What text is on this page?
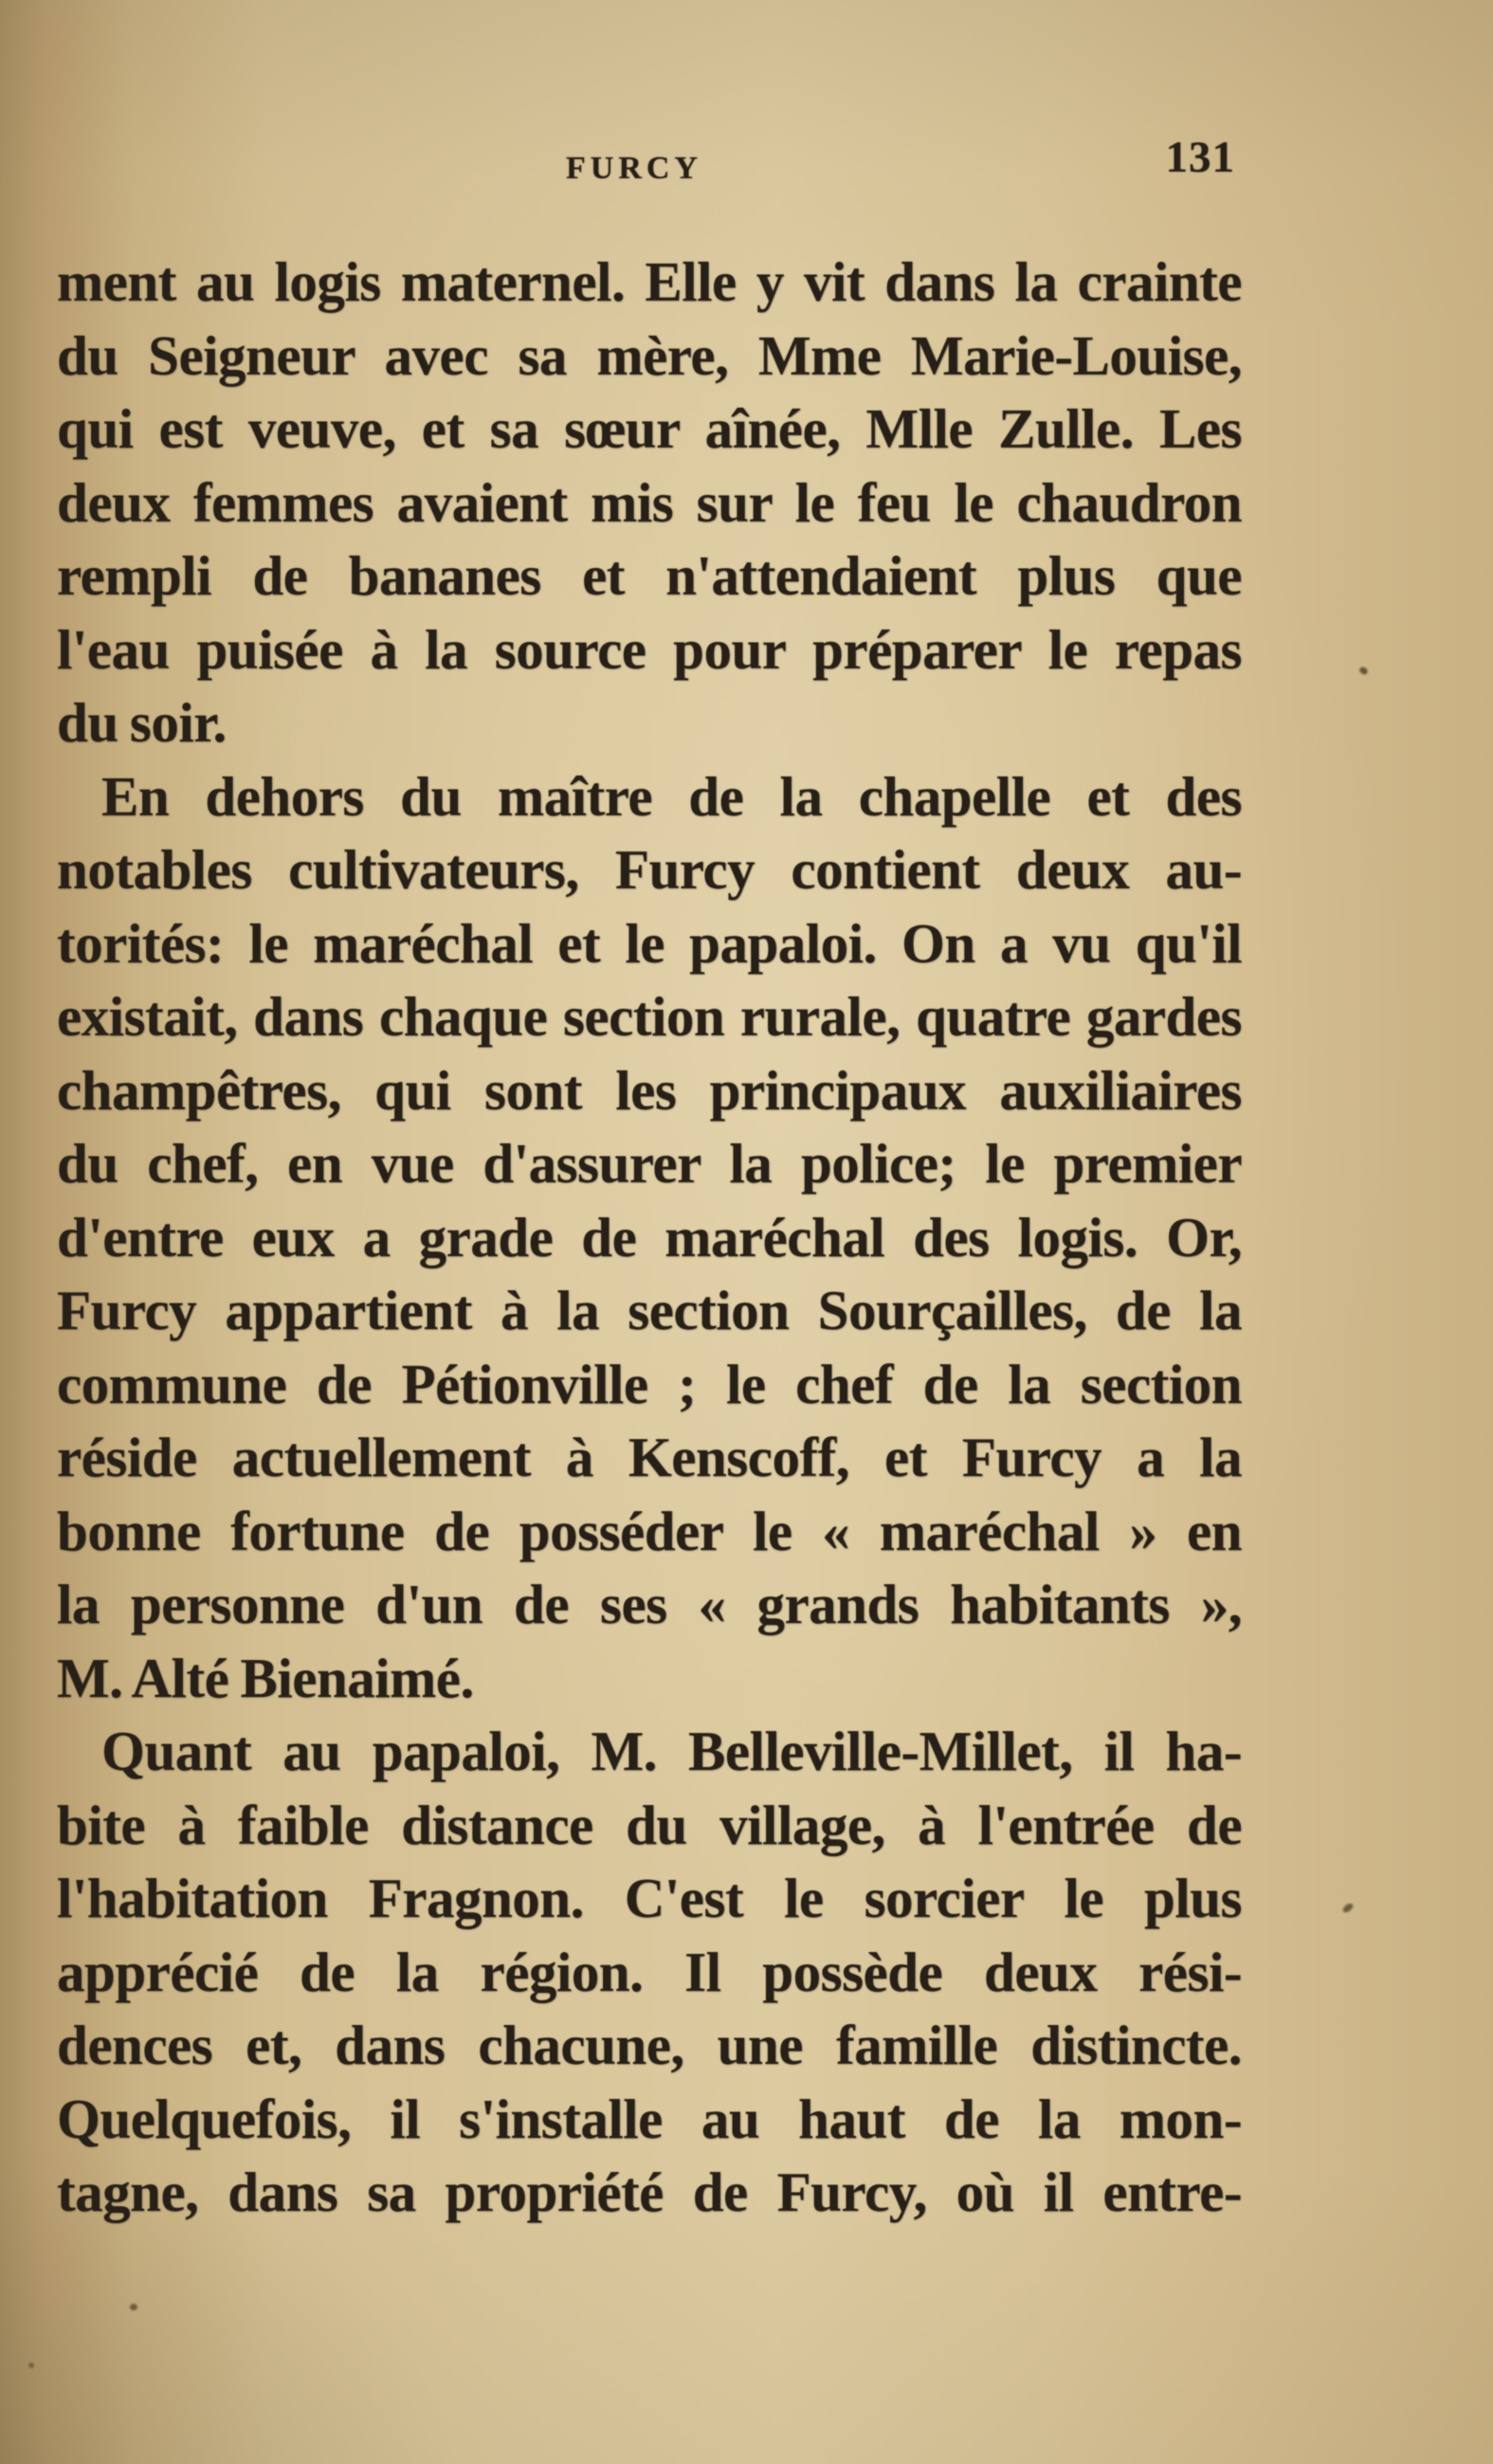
FURCY	131
ment au logis maternel. Elle y vit dans la crainte
du Seigneur avec sa mère, Mme Marie-Louise,
qui est veuve, et sa sœur aînée, Mlle Zulle. Les
deux femmes avaient mis sur le feu le chaudron
rempli de bananes et n'attendaient plus que
l'eau puisée à la source pour préparer le repas
du soir.
En dehors du maître de la chapelle et des
notables cultivateurs, Furcy contient deux au-
torités: le maréchal et le papaloi. On a vu qu'il
existait, dans chaque section rurale, quatre gardes
champêtres, qui sont les principaux auxiliaires
du chef, en vue d'assurer la police; le premier
d'entre eux a grade de maréchal des logis. Or,
Furcy appartient à la section Sourçailles, de la
commune de Pétionville ; le chef de la section
réside actuellement à Kenscoff, et Furcy a la
bonne fortune de posséder le « maréchal » en
la personne d'un de ses « grands habitants »,
M. Alté Bienaimé.
Quant au papaloi, M. Belleville-Millet, il ha-
bite à faible distance du village, à l'entrée de
l'habitation Fragnon. C'est le sorcier le plus
apprécié de la région. Il possède deux rési-
dences et, dans chacune, une famille distincte.
Quelquefois, il s'installe au haut de la mon-
tagne, dans sa propriété de Furcy, où il entre-
